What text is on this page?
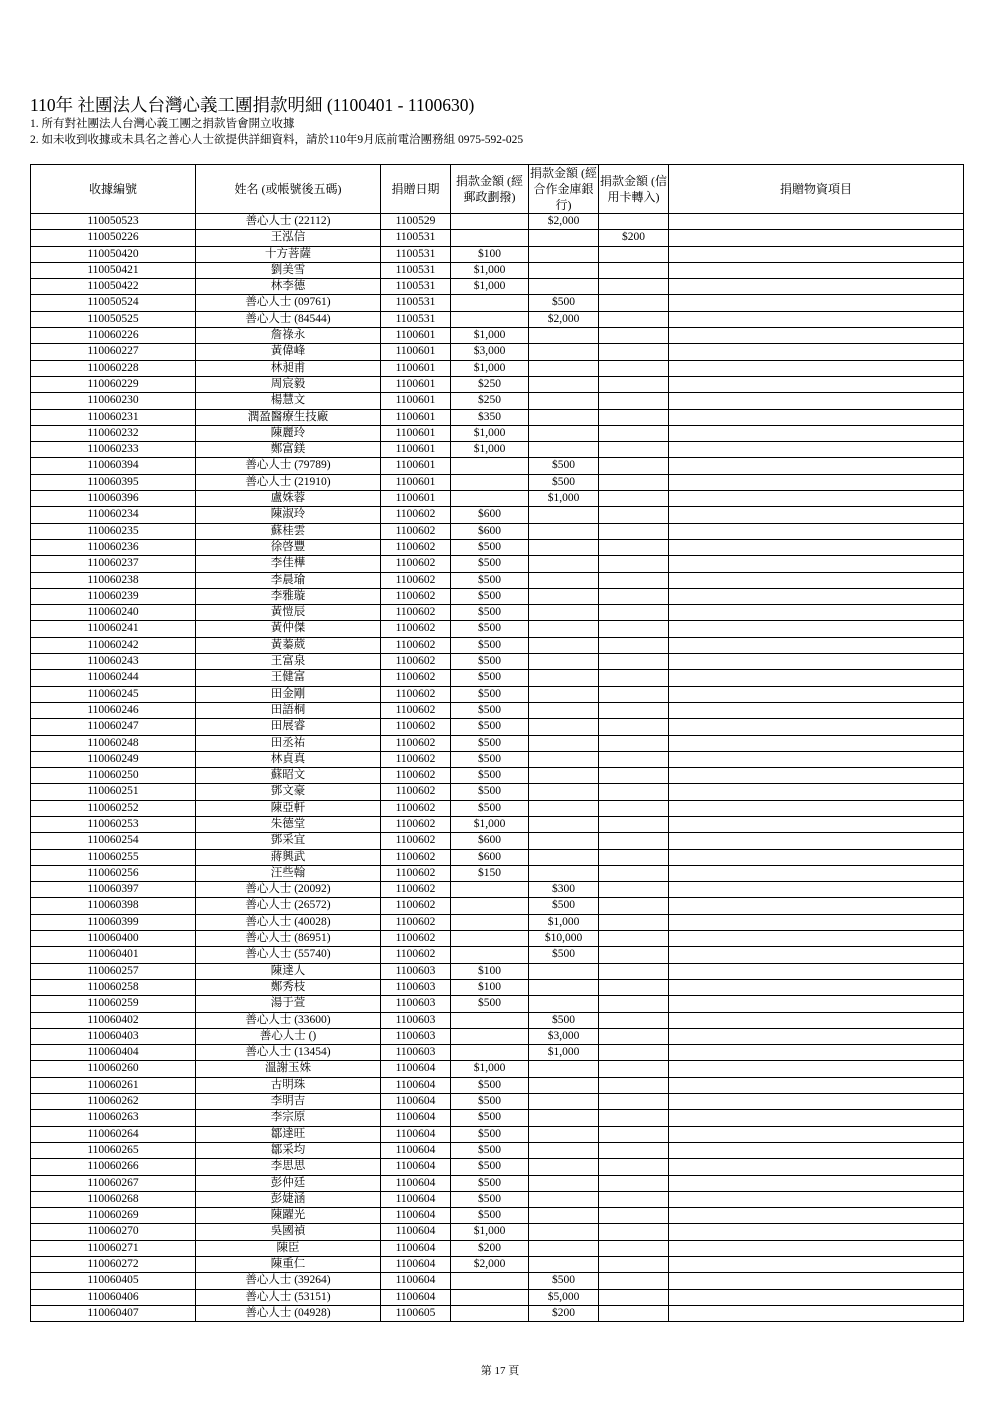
110年 社團法人台灣心義工團捐款明細 (1100401 - 1100630)
1. 所有對社團法人台灣心義工團之捐款皆會開立收據
2. 如未收到收據或未具名之善心人士欲提供詳細資料，請於110年9月底前電洽團務組 0975-592-025
收據編號	姓名 (或帳號後五碼)	捐贈日期	捐款金額 (經郵政劃撥)	捐款金額 (經合作金庫銀行)	捐款金額 (信用卡轉入)	捐贈物資項目
110050523	善心人士 (22112)	1100529		$2,000		
110050226	王泓信	1100531			$200	
110050420	十方菩薩	1100531	$100			
110050421	劉美雪	1100531	$1,000			
110050422	林李德	1100531	$1,000			
110050524	善心人士 (09761)	1100531		$500		
110050525	善心人士 (84544)	1100531		$2,000		
110060226	詹祿永	1100601	$1,000			
110060227	黃偉峰	1100601	$3,000			
110060228	林昶甫	1100601	$1,000			
110060229	周宸毅	1100601	$250			
110060230	楊慧文	1100601	$250			
110060231	潤盈醫療生技廠	1100601	$350			
110060232	陳麗玲	1100601	$1,000			
110060233	鄭富鎂	1100601	$1,000			
110060394	善心人士 (79789)	1100601		$500		
110060395	善心人士 (21910)	1100601		$500		
110060396	盧姝蓉	1100601		$1,000		
110060234	陳淑玲	1100602	$600			
110060235	蘇桂雲	1100602	$600			
110060236	徐啓豐	1100602	$500			
110060237	李佳樺	1100602	$500			
110060238	李晨瑜	1100602	$500			
110060239	李雅璇	1100602	$500			
110060240	黃愷辰	1100602	$500			
110060241	黃仲傑	1100602	$500			
110060242	黃蓁葳	1100602	$500			
110060243	王富泉	1100602	$500			
110060244	王健富	1100602	$500			
110060245	田金剛	1100602	$500			
110060246	田語桐	1100602	$500			
110060247	田展睿	1100602	$500			
110060248	田丞祐	1100602	$500			
110060249	林貞真	1100602	$500			
110060250	蘇昭文	1100602	$500			
110060251	鄧文豪	1100602	$500			
110060252	陳亞軒	1100602	$500			
110060253	朱德堂	1100602	$1,000			
110060254	鄧采宜	1100602	$600			
110060255	蔣興武	1100602	$600			
110060256	汪些翰	1100602	$150			
110060397	善心人士 (20092)	1100602		$300		
110060398	善心人士 (26572)	1100602		$500		
110060399	善心人士 (40028)	1100602		$1,000		
110060400	善心人士 (86951)	1100602		$10,000		
110060401	善心人士 (55740)	1100602		$500		
110060257	陳達人	1100603	$100			
110060258	鄭秀枝	1100603	$100			
110060259	湯于萱	1100603	$500			
110060402	善心人士 (33600)	1100603		$500		
110060403	善心人士 ()	1100603		$3,000		
110060404	善心人士 (13454)	1100603		$1,000		
110060260	溫謝玉姝	1100604	$1,000			
110060261	古明珠	1100604	$500			
110060262	李明吉	1100604	$500			
110060263	李宗原	1100604	$500			
110060264	鄒達旺	1100604	$500			
110060265	鄒采均	1100604	$500			
110060266	李思思	1100604	$500			
110060267	彭仲廷	1100604	$500			
110060268	彭婕涵	1100604	$500			
110060269	陳躍光	1100604	$500			
110060270	吳國禎	1100604	$1,000			
110060271	陳臣	1100604	$200			
110060272	陳重仁	1100604	$2,000			
110060405	善心人士 (39264)	1100604		$500		
110060406	善心人士 (53151)	1100604		$5,000		
110060407	善心人士 (04928)	1100605		$200		
第 17 頁
